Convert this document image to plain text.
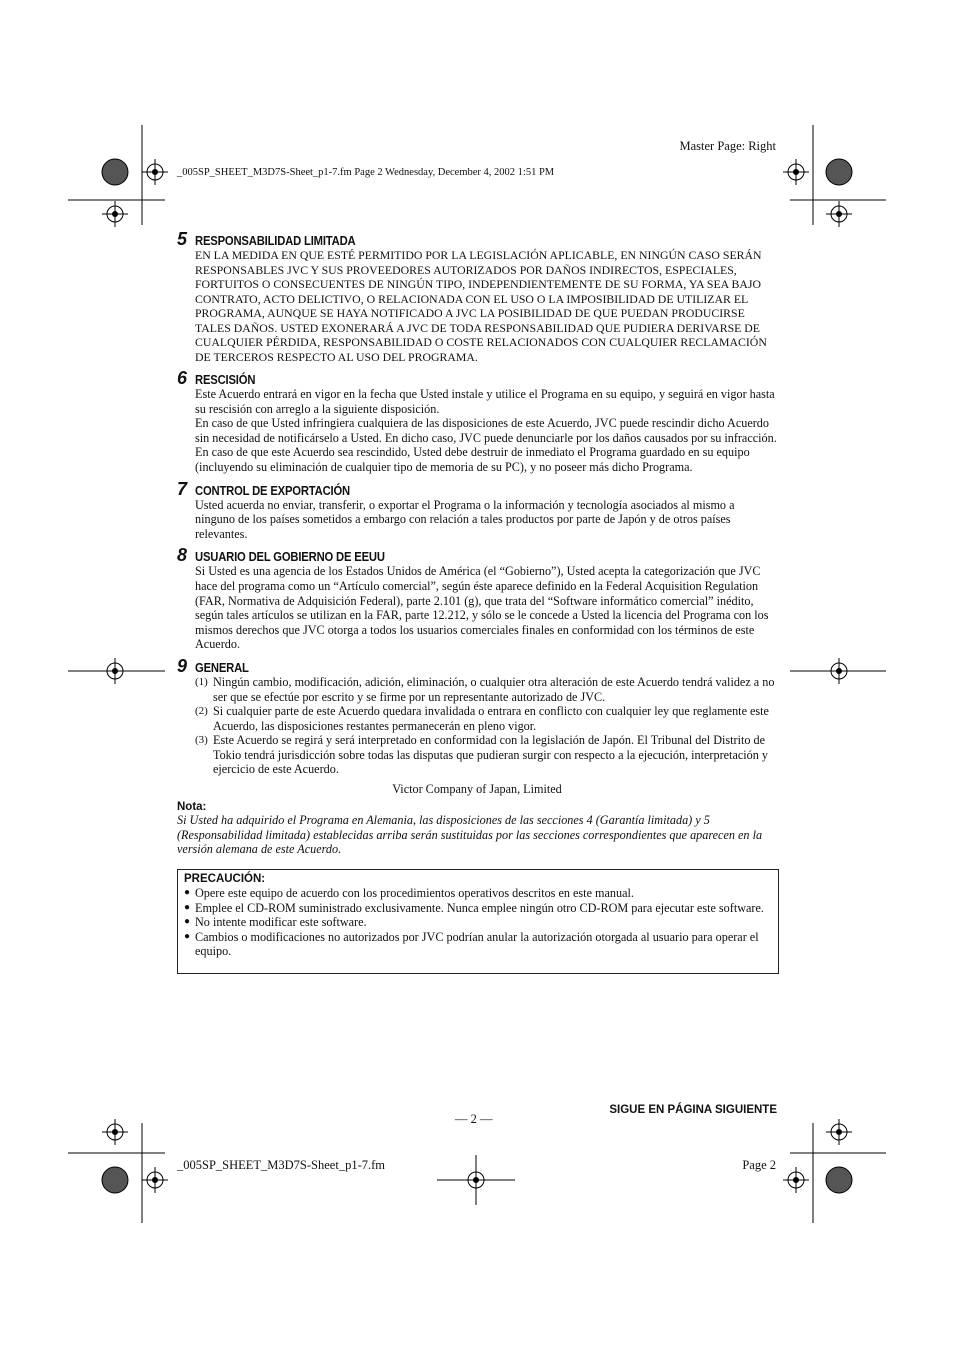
Master Page: Right
_005SP_SHEET_M3D7S-Sheet_p1-7.fm Page 2 Wednesday, December 4, 2002 1:51 PM
5 RESPONSABILIDAD LIMITADA

EN LA MEDIDA EN QUE ESTÉ PERMITIDO POR LA LEGISLACIÓN APLICABLE, EN NINGÚN CASO SERÁN RESPONSABLES JVC Y SUS PROVEEDORES AUTORIZADOS POR DAÑOS INDIRECTOS, ESPECIALES, FORTUITOS O CONSECUENTES DE NINGÚN TIPO, INDEPENDIENTEMENTE DE SU FORMA, YA SEA BAJO CONTRATO, ACTO DELICTIVO, O RELACIONADA CON EL USO O LA IMPOSIBILIDAD DE UTILIZAR EL PROGRAMA, AUNQUE SE HAYA NOTIFICADO A JVC LA POSIBILIDAD DE QUE PUEDAN PRODUCIRSE TALES DAÑOS. USTED EXONERARÁ A JVC DE TODA RESPONSABILIDAD QUE PUDIERA DERIVARSE DE CUALQUIER PÉRDIDA, RESPONSABILIDAD O COSTE RELACIONADOS CON CUALQUIER RECLAMACIÓN DE TERCEROS RESPECTO AL USO DEL PROGRAMA.

6 RESCISIÓN

Este Acuerdo entrará en vigor en la fecha que Usted instale y utilice el Programa en su equipo, y seguirá en vigor hasta su rescisión con arreglo a la siguiente disposición.

En caso de que Usted infringiera cualquiera de las disposiciones de este Acuerdo, JVC puede rescindir dicho Acuerdo sin necesidad de notificárselo a Usted. En dicho caso, JVC puede denunciarle por los daños causados por su infracción. En caso de que este Acuerdo sea rescindido, Usted debe destruir de inmediato el Programa guardado en su equipo (incluyendo su eliminación de cualquier tipo de memoria de su PC), y no poseer más dicho Programa.

7 CONTROL DE EXPORTACIÓN

Usted acuerda no enviar, transferir, o exportar el Programa o la información y tecnología asociados al mismo a ninguno de los países sometidos a embargo con relación a tales productos por parte de Japón y de otros países relevantes.

8 USUARIO DEL GOBIERNO DE EEUU

Si Usted es una agencia de los Estados Unidos de América (el “Gobierno”), Usted acepta la categorización que JVC hace del programa como un “Artículo comercial”, según éste aparece definido en la Federal Acquisition Regulation (FAR, Normativa de Adquisición Federal), parte 2.101 (g), que trata del “Software informático comercial” inédito, según tales artículos se utilizan en la FAR, parte 12.212, y sólo se le concede a Usted la licencia del Programa con los mismos derechos que JVC otorga a todos los usuarios comerciales finales en conformidad con los términos de este Acuerdo.

9 GENERAL
(1) Ningún cambio, modificación, adición, eliminación, o cualquier otra alteración de este Acuerdo tendrá validez a no ser que se efectúe por escrito y se firme por un representante autorizado de JVC.
(2) Si cualquier parte de este Acuerdo quedara invalidada o entrara en conflicto con cualquier ley que reglamente este Acuerdo, las disposiciones restantes permanecerán en pleno vigor.
(3) Este Acuerdo se regirá y será interpretado en conformidad con la legislación de Japón. El Tribunal del Distrito de Tokio tendrá jurisdicción sobre todas las disputas que pudieran surgir con respecto a la ejecución, interpretación y ejercicio de este Acuerdo.
Victor Company of Japan, Limited

Nota:

Si Usted ha adquirido el Programa en Alemania, las disposiciones de las secciones 4 (Garantía limitada) y 5 (Responsabilidad limitada) establecidas arriba serán sustituidas por las secciones correspondientes que aparecen en la versión alemana de este Acuerdo.

PRECAUCIÓN:

● Opere este equipo de acuerdo con los procedimientos operativos descritos en este manual.
● Emplee el CD-ROM suministrado exclusivamente. Nunca emplee ningún otro CD-ROM para ejecutar este software.
● No intente modificar este software.
● Cambios o modificaciones no autorizados por JVC podrían anular la autorización otorgada al usuario para operar el equipo.
SIGUE EN PÁGINA SIGUIENTE
— 2 —
_005SP_SHEET_M3D7S-Sheet_p1-7.fm	Page 2
